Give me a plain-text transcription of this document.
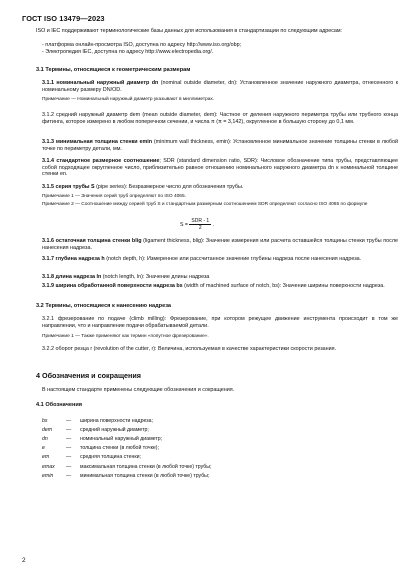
ГОСТ ISO 13479—2023
ISO и IEC поддерживают терминологические базы данных для использования в стандартизации по следующим адресам:
- платформа онлайн-просмотра ISO, доступна по адресу http://www.iso.org/obp;
- Электропедия IEC, доступна по адресу http://www.electropedia.org/.
3.1 Термины, относящиеся к геометрическим размерам
3.1.1 номинальный наружный диаметр dn (nominal outside diameter, dn): Установленное значение наружного диаметра, отнесенного к номинальному размеру DN/OD.
Примечание — Номинальный наружный диаметр указывают в миллиметрах.
3.1.2 средний наружный диаметр dem (mean outside diameter, dem): Частное от деления наружного периметра трубы или трубного конца фитинга, которое измерено в любом поперечном сечении, и числа π (π = 3,142), округленное в большую сторону до 0,1 мм.
3.1.3 минимальная толщина стенки emin (minimum wall thickness, emin): Установленное минимальное значение толщины стенки в любой точке по периметру детали, мм.
3.1.4 стандартное размерное соотношение; SDR (standard dimension ratio, SDR): Числовое обозначение типа трубы, представляющее собой подходящее округленное число, приблизительно равное отношению номинального наружного диаметра dn к номинальной толщине стенки en.
3.1.5 серия трубы S (pipe series): Безразмерное число для обозначения трубы.
Примечание 1 — Значения серий труб определяют по ISO 4065.
Примечание 2 — Соотношение между серией труб S и стандартным размерным соотношением SDR определяют согласно ISO 4065 по формуле
$S = \frac{\text{SDR - 1}}{2}$ .
3.1.6 остаточная толщина стенки blig (ligament thickness, blig): Значение измерения или расчета оставшейся толщины стенки трубы после нанесения надреза.
3.1.7 глубина надреза h (notch depth, h): Измеренное или рассчитанное значение глубины надреза после нанесения надреза.
3.1.8 длина надреза ln (notch length, ln): Значение длины надреза
3.1.9 ширина обработанной поверхности надреза bs (width of machined surface of notch, bs): Значение ширины поверхности надреза.
3.2 Термины, относящиеся к нанесению надреза
3.2.1 фрезерование по подаче (climb milling): Фрезерование, при котором режущее движение инструмента происходит в том же направлении, что и направление подачи обрабатываемой детали.
Примечание 1 — Также применяют как термин «попутное фрезерование».
3.2.2 оборот резца r (revolution of the cutter, r): Величина, используемая в качестве характеристики скорости резания.
4 Обозначения и сокращения
В настоящем стандарте применены следующие обозначения и сокращения.
4.1 Обозначения
bs	—	ширина поверхности надреза;
dem	—	средний наружный диаметр;
dn	—	номинальный наружный диаметр;
e	—	толщина стенки (в любой точке);
em	—	средняя толщина стенки;
emax	—	максимальная толщина стенки (в любой точке) трубы;
emin	—	минимальная толщина стенки (в любой точке) трубы;
2
